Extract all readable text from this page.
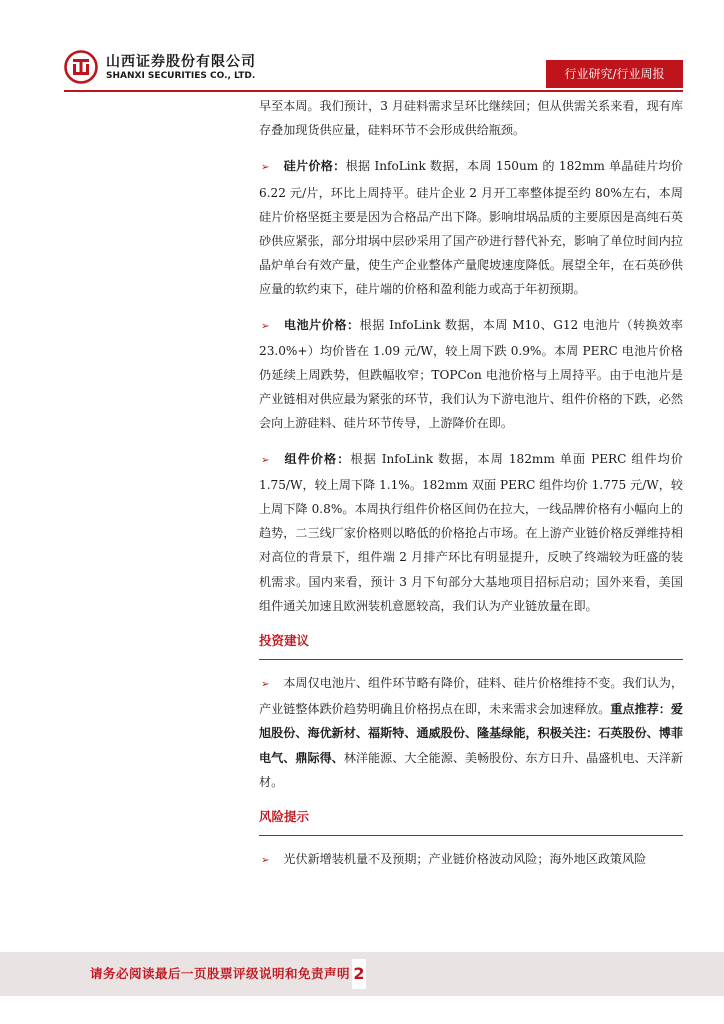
山西证券股份有限公司
SHANXI SECURITIES CO., LTD.	行业研究/行业周报

早至本周。我们预计，3 月硅料需求呈环比继续回；但从供需关系来看，现有库存叠加现货供应量，硅料环节不会形成供给瓶颈。

➢ 硅片价格：根据 InfoLink 数据，本周 150um 的 182mm 单晶硅片均价 6.22 元/片，环比上周持平。硅片企业 2 月开工率整体提至约 80%左右，本周硅片价格坚挺主要是因为合格品产出下降。影响坩埚品质的主要原因是高纯石英砂供应紧张，部分坩埚中层砂采用了国产砂进行替代补充，影响了单位时间内拉晶炉单台有效产量，使生产企业整体产量爬坡速度降低。展望全年，在石英砂供应量的软约束下，硅片端的价格和盈利能力或高于年初预期。

➢ 电池片价格：根据 InfoLink 数据，本周 M10、G12 电池片（转换效率 23.0%+）均价皆在 1.09 元/W，较上周下跌 0.9%。本周 PERC 电池片价格仍延续上周跌势，但跌幅收窄；TOPCon 电池价格与上周持平。由于电池片是产业链相对供应最为紧张的环节，我们认为下游电池片、组件价格的下跌，必然会向上游硅料、硅片环节传导，上游降价在即。

➢ 组件价格：根据 InfoLink 数据，本周 182mm 单面 PERC 组件均价 1.75/W，较上周下降 1.1%。182mm 双面 PERC 组件均价 1.775 元/W，较上周下降 0.8%。本周执行组件价格区间仍在拉大，一线品牌价格有小幅向上的趋势，二三线厂家价格则以略低的价格抢占市场。在上游产业链价格反弹维持相对高位的背景下，组件端 2 月排产环比有明显提升，反映了终端较为旺盛的装机需求。国内来看，预计 3 月下旬部分大基地项目招标启动；国外来看，美国组件通关加速且欧洲装机意愿较高，我们认为产业链放量在即。

投资建议

➢ 本周仅电池片、组件环节略有降价，硅料、硅片价格维持不变。我们认为，产业链整体跌价趋势明确且价格拐点在即，未来需求会加速释放。重点推荐：爱旭股份、海优新材、福斯特、通威股份、隆基绿能，积极关注：石英股份、博菲电气、鼎际得、林洋能源、大全能源、美畅股份、东方日升、晶盛机电、天洋新材。

风险提示

➢ 光伏新增装机量不及预期；产业链价格波动风险；海外地区政策风险

请务必阅读最后一页股票评级说明和免责声明 2
